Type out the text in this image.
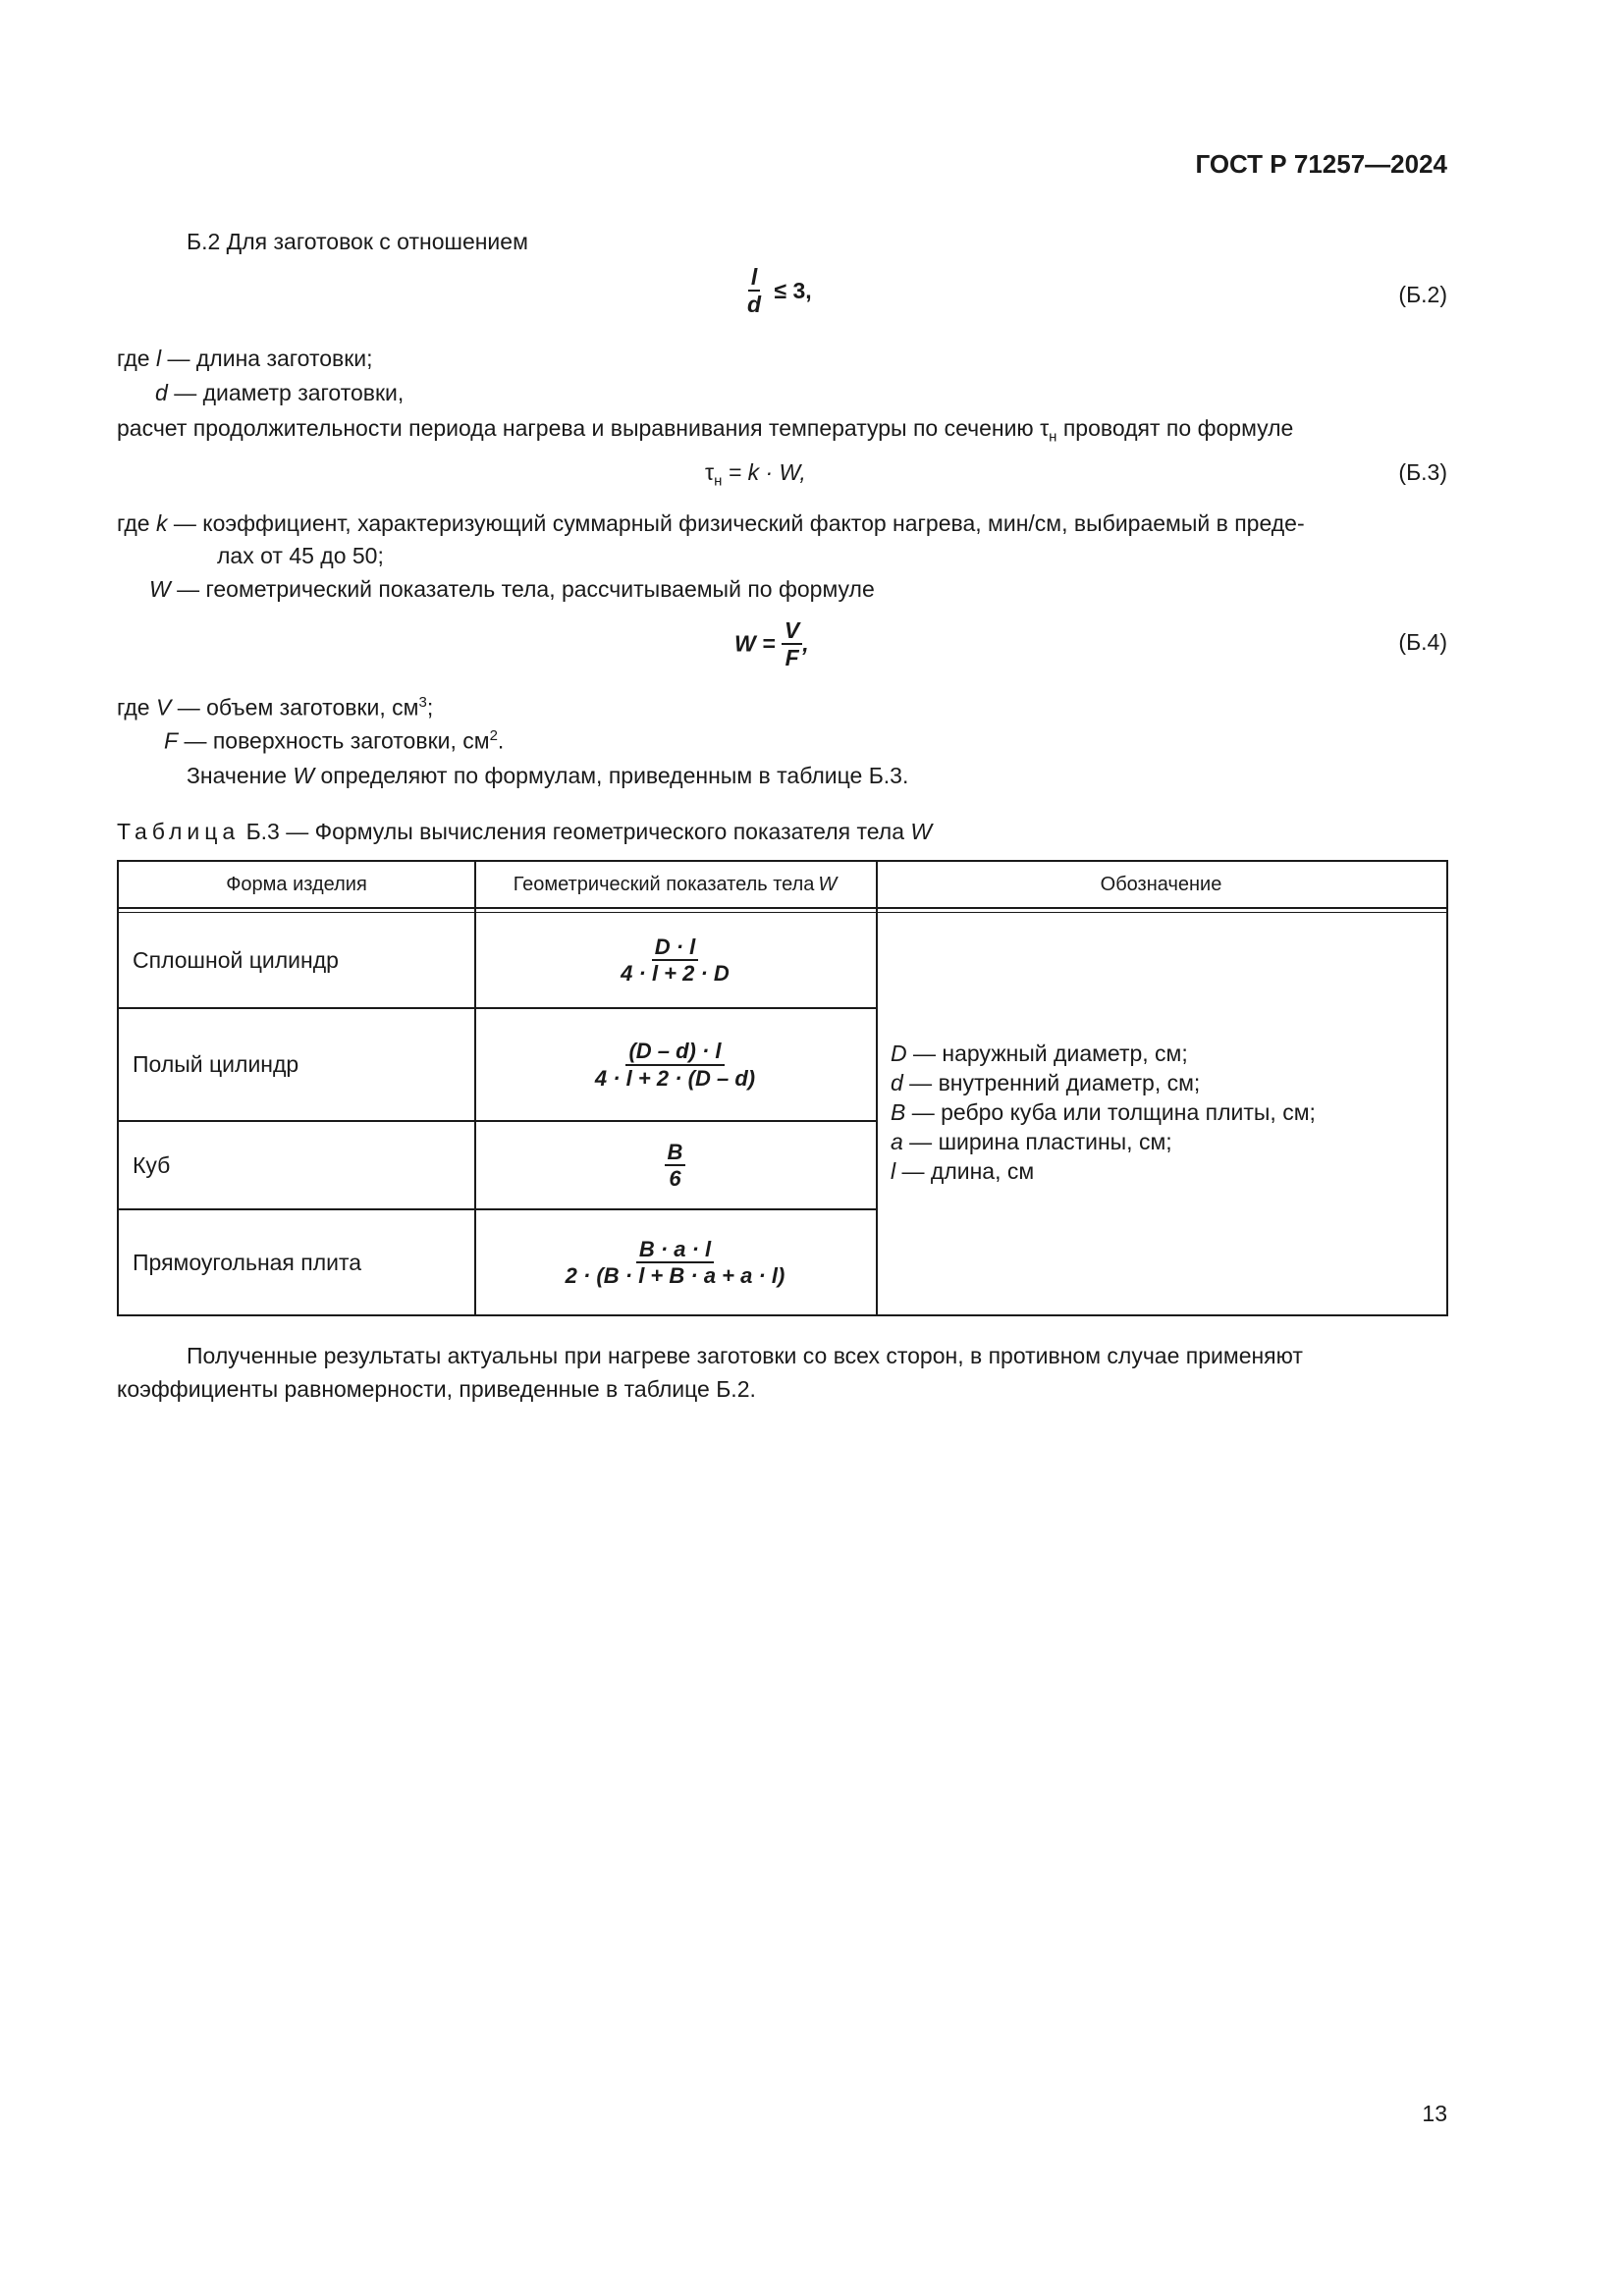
ГОСТ Р 71257—2024
Б.2 Для заготовок с отношением
$\frac{l}{d} \le 3$,	(Б.2)
где l — длина заготовки;
d — диаметр заготовки,
расчет продолжительности периода нагрева и выравнивания температуры по сечению $\tau_н$ проводят по формуле
$\tau_н = k \cdot W$,	(Б.3)
где k — коэффициент, характеризующий суммарный физический фактор нагрева, мин/см, выбираемый в преде-
лах от 45 до 50;
W — геометрический показатель тела, рассчитываемый по формуле
$W = \frac{V}{F}$ ,	(Б.4)
где V — объем заготовки, $см^3$;
F — поверхность заготовки, $см^2$.
Значение W определяют по формулам, приведенным в таблице Б.3.
Таблица Б.3 — Формулы вычисления геометрического показателя тела W
Форма изделия	Геометрический показатель тела W	Обозначение
Сплошной цилиндр	$\frac{D \cdot l}{4 \cdot l + 2 \cdot D}$
Полый цилиндр	$\frac{(D - d) \cdot l}{4 \cdot l + 2 \cdot (D - d)}$
Куб	$\frac{B}{6}$
Прямоугольная плита	$\frac{B \cdot a \cdot l}{2 \cdot (B \cdot l + B \cdot a + a \cdot l)}$
D — наружный диаметр, см;
d — внутренний диаметр, см;
B — ребро куба или толщина плиты, см;
a — ширина пластины, см;
l — длина, см
Полученные результаты актуальны при нагреве заготовки со всех сторон, в противном случае применяют
коэффициенты равномерности, приведенные в таблице Б.2.
13
